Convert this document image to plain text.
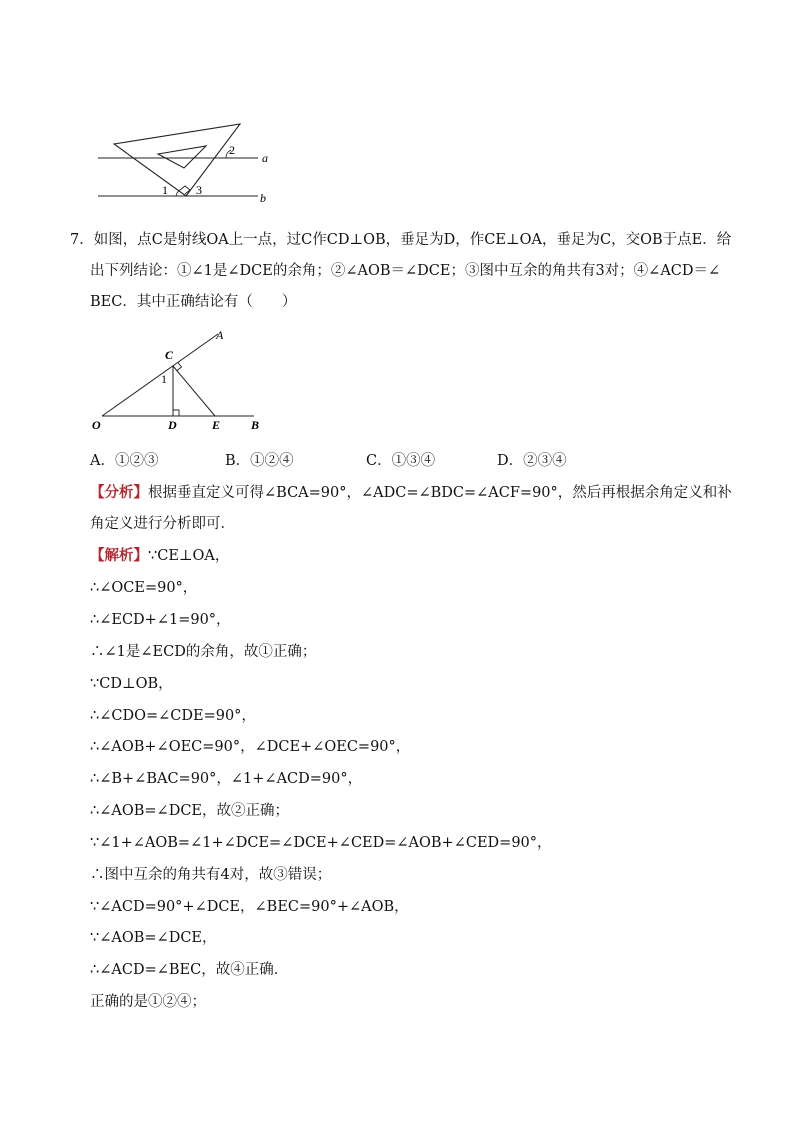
2
a
1 3
b
7．如图，点C是射线OA上一点，过C作CD⊥OB，垂足为D，作CE⊥OA，垂足为C，交OB于点E．给
出下列结论：①∠1是∠DCE的余角；②∠AOB＝∠DCE；③图中互余的角共有3对；④∠ACD＝∠
BEC．其中正确结论有（　　）
A
C
1
O	D	E	B
A．①②③	B．①②④	C．①③④	D．②③④
【分析】根据垂直定义可得∠BCA=90°，∠ADC=∠BDC=∠ACF=90°，然后再根据余角定义和补
角定义进行分析即可．
【解析】∵CE⊥OA，
∴∠OCE=90°，
∴∠ECD+∠1=90°，
∴∠1是∠ECD的余角，故①正确；
∵CD⊥OB，
∴∠CDO=∠CDE=90°，
∴∠AOB+∠OEC=90°，∠DCE+∠OEC=90°，
∴∠B+∠BAC=90°，∠1+∠ACD=90°，
∴∠AOB=∠DCE，故②正确；
∵∠1+∠AOB=∠1+∠DCE=∠DCE+∠CED=∠AOB+∠CED=90°，
∴图中互余的角共有4对，故③错误；
∵∠ACD=90°+∠DCE，∠BEC=90°+∠AOB，
∵∠AOB=∠DCE，
∴∠ACD=∠BEC，故④正确．
正确的是①②④；
